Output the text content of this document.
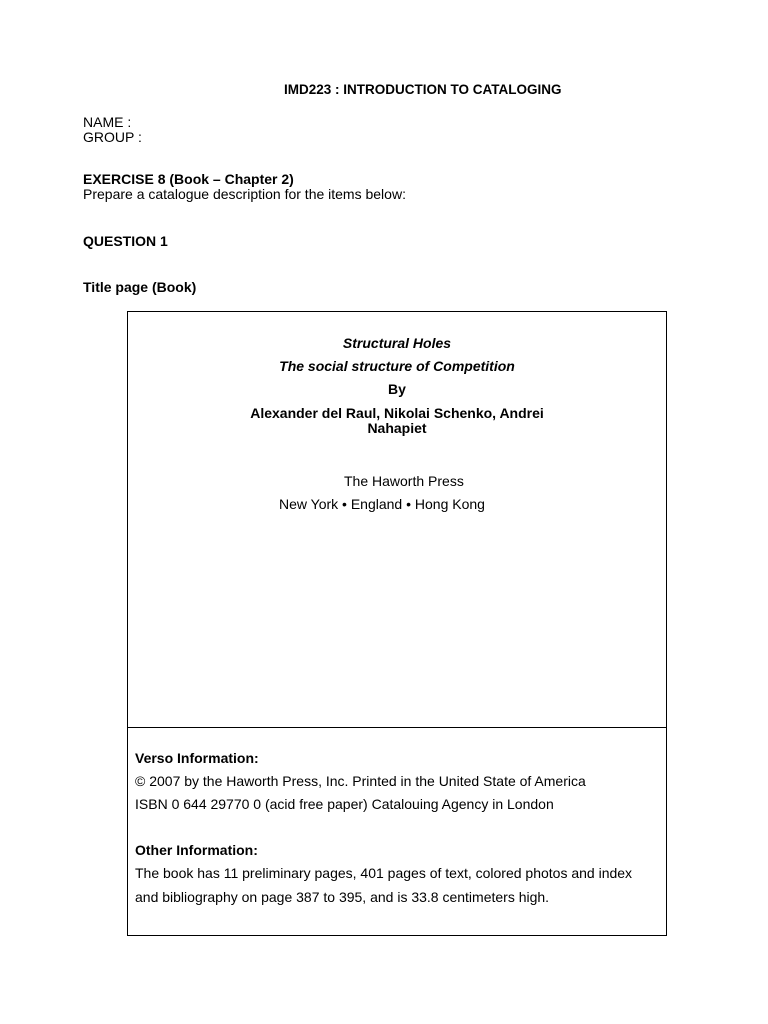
IMD223 : INTRODUCTION TO CATALOGING
NAME :
GROUP :
EXERCISE 8 (Book – Chapter 2)
Prepare a catalogue description for the items below:
QUESTION 1
Title page (Book)
Structural Holes
The social structure of Competition
By
Alexander del Raul, Nikolai Schenko, Andrei
Nahapiet
The Haworth Press
New York • England • Hong Kong
Verso Information:
© 2007 by the Haworth Press, Inc. Printed in the United State of America
ISBN 0 644 29770 0 (acid free paper) Catalouing Agency in London
Other Information:
The book has 11 preliminary pages, 401 pages of text, colored photos and index
and bibliography on page 387 to 395, and is 33.8 centimeters high.
